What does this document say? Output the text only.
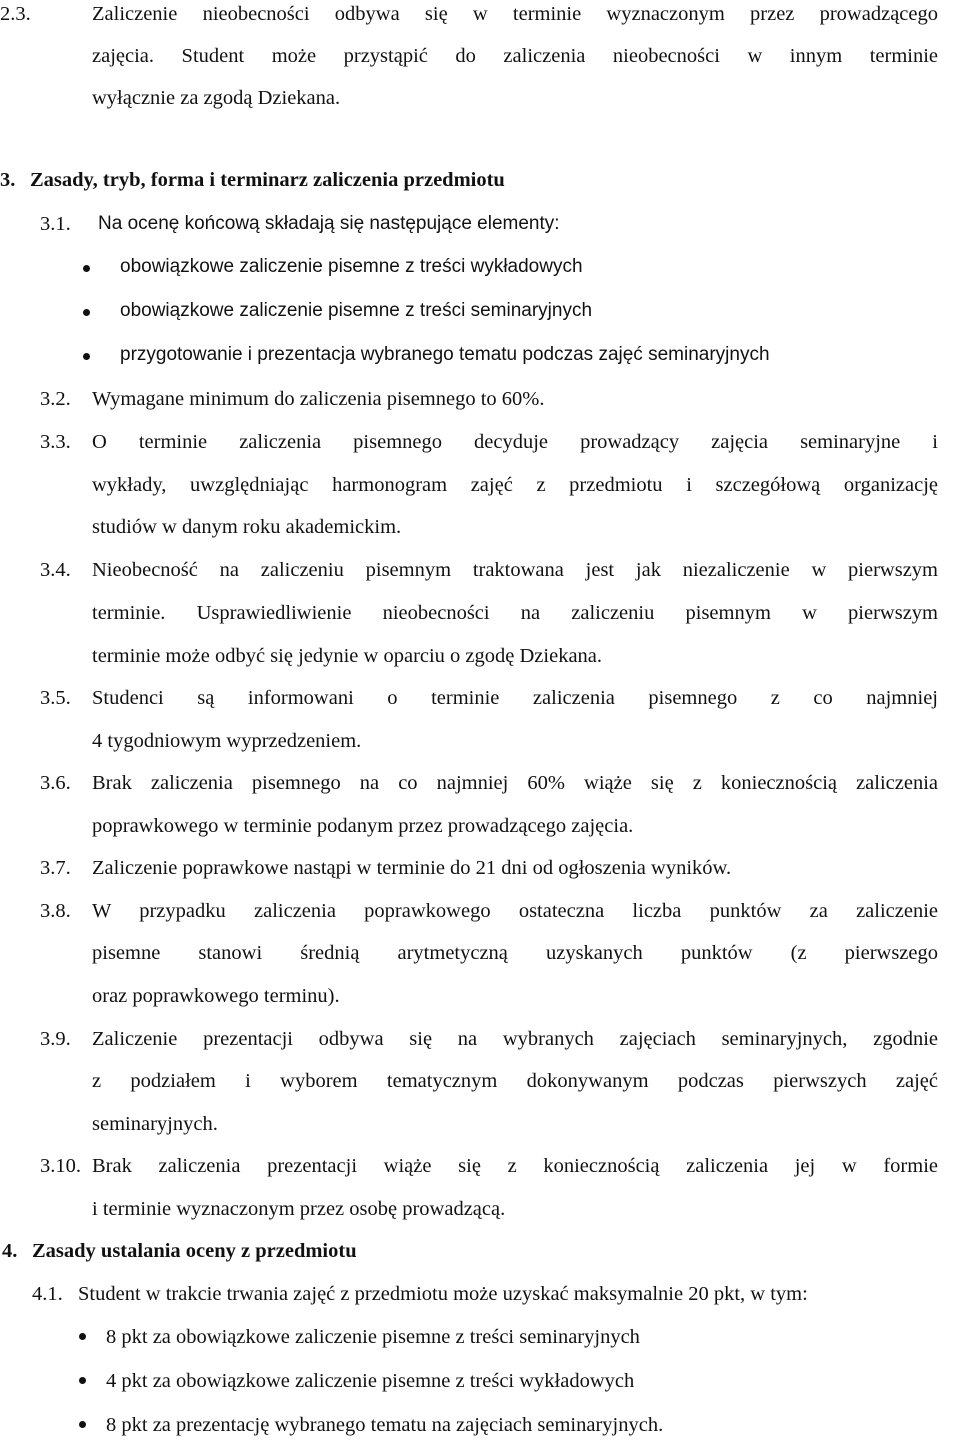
2.3.	Zaliczenie nieobecności odbywa się w terminie wyznaczonym przez prowadzącego
zajęcia. Student może przystąpić do zaliczenia nieobecności w innym terminie
wyłącznie za zgodą Dziekana.
3. Zasady, tryb, forma i terminarz zaliczenia przedmiotu
3.1. Na ocenę końcową składają się następujące elementy:
obowiązkowe zaliczenie pisemne z treści wykładowych
obowiązkowe zaliczenie pisemne z treści seminaryjnych
przygotowanie i prezentacja wybranego tematu podczas zajęć seminaryjnych
3.2. Wymagane minimum do zaliczenia pisemnego to 60%.
3.3. O terminie zaliczenia pisemnego decyduje prowadzący zajęcia seminaryjne i
wykłady, uwzględniając harmonogram zajęć z przedmiotu i szczegółową organizację
studiów w danym roku akademickim.
3.4. Nieobecność na zaliczeniu pisemnym traktowana jest jak niezaliczenie w pierwszym
terminie. Usprawiedliwienie nieobecności na zaliczeniu pisemnym w pierwszym
terminie może odbyć się jedynie w oparciu o zgodę Dziekana.
3.5. Studenci są informowani o terminie zaliczenia pisemnego z co najmniej
4 tygodniowym wyprzedzeniem.
3.6. Brak zaliczenia pisemnego na co najmniej 60% wiąże się z koniecznością zaliczenia
poprawkowego w terminie podanym przez prowadzącego zajęcia.
3.7. Zaliczenie poprawkowe nastąpi w terminie do 21 dni od ogłoszenia wyników.
3.8. W przypadku zaliczenia poprawkowego ostateczna liczba punktów za zaliczenie
pisemne stanowi średnią arytmetyczną uzyskanych punktów (z pierwszego
oraz poprawkowego terminu).
3.9. Zaliczenie prezentacji odbywa się na wybranych zajęciach seminaryjnych, zgodnie
z podziałem i wyborem tematycznym dokonywanym podczas pierwszych zajęć
seminaryjnych.
3.10. Brak zaliczenia prezentacji wiąże się z koniecznością zaliczenia jej w formie
i terminie wyznaczonym przez osobę prowadzącą.
4. Zasady ustalania oceny z przedmiotu
4.1. Student w trakcie trwania zajęć z przedmiotu może uzyskać maksymalnie 20 pkt, w tym:
8 pkt za obowiązkowe zaliczenie pisemne z treści seminaryjnych
4 pkt za obowiązkowe zaliczenie pisemne z treści wykładowych
8 pkt za prezentację wybranego tematu na zajęciach seminaryjnych.
